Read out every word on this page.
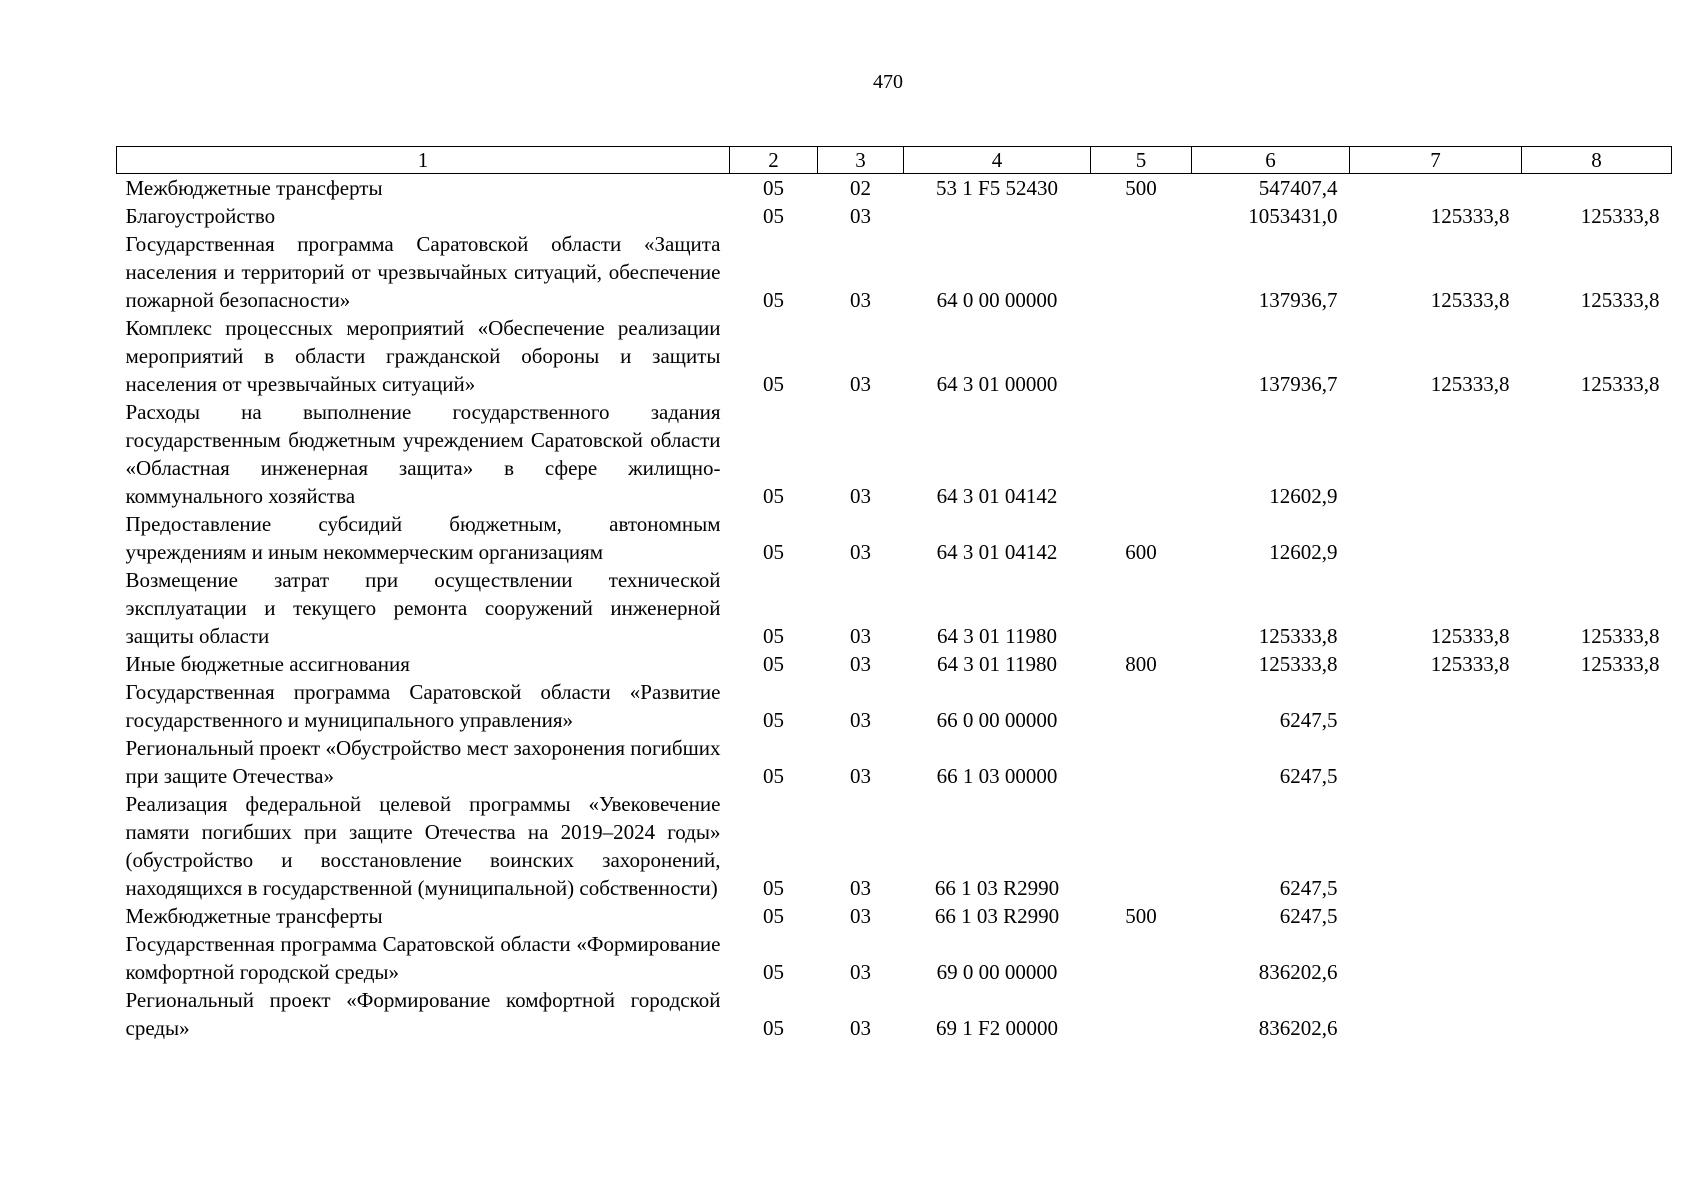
470
1	2	3	4	5	6	7	8
Межбюджетные трансферты	05	02	53 1 F5 52430	500	547407,4		
Благоустройство	05	03			1053431,0	125333,8	125333,8
Государственная программа Саратовской области «Защита населения и территорий от чрезвычайных ситуаций, обеспечение пожарной безопасности»	05	03	64 0 00 00000		137936,7	125333,8	125333,8
Комплекс процессных мероприятий «Обеспечение реализации мероприятий в области гражданской обороны и защиты населения от чрезвычайных ситуаций»	05	03	64 3 01 00000		137936,7	125333,8	125333,8
Расходы на выполнение государственного задания государственным бюджетным учреждением Саратовской области «Областная инженерная защита» в сфере жилищно-коммунального хозяйства	05	03	64 3 01 04142		12602,9		
Предоставление субсидий бюджетным, автономным учреждениям и иным некоммерческим организациям	05	03	64 3 01 04142	600	12602,9		
Возмещение затрат при осуществлении технической эксплуатации и текущего ремонта сооружений инженерной защиты области	05	03	64 3 01 11980		125333,8	125333,8	125333,8
Иные бюджетные ассигнования	05	03	64 3 01 11980	800	125333,8	125333,8	125333,8
Государственная программа Саратовской области «Развитие государственного и муниципального управления»	05	03	66 0 00 00000		6247,5		
Региональный проект «Обустройство мест захоронения погибших при защите Отечества»	05	03	66 1 03 00000		6247,5		
Реализация федеральной целевой программы «Увековечение памяти погибших при защите Отечества на 2019–2024 годы» (обустройство и восстановление воинских захоронений, находящихся в государственной (муниципальной) собственности)	05	03	66 1 03 R2990		6247,5		
Межбюджетные трансферты	05	03	66 1 03 R2990	500	6247,5		
Государственная программа Саратовской области «Формирование комфортной городской среды»	05	03	69 0 00 00000		836202,6		
Региональный проект «Формирование комфортной городской среды»	05	03	69 1 F2 00000		836202,6		
